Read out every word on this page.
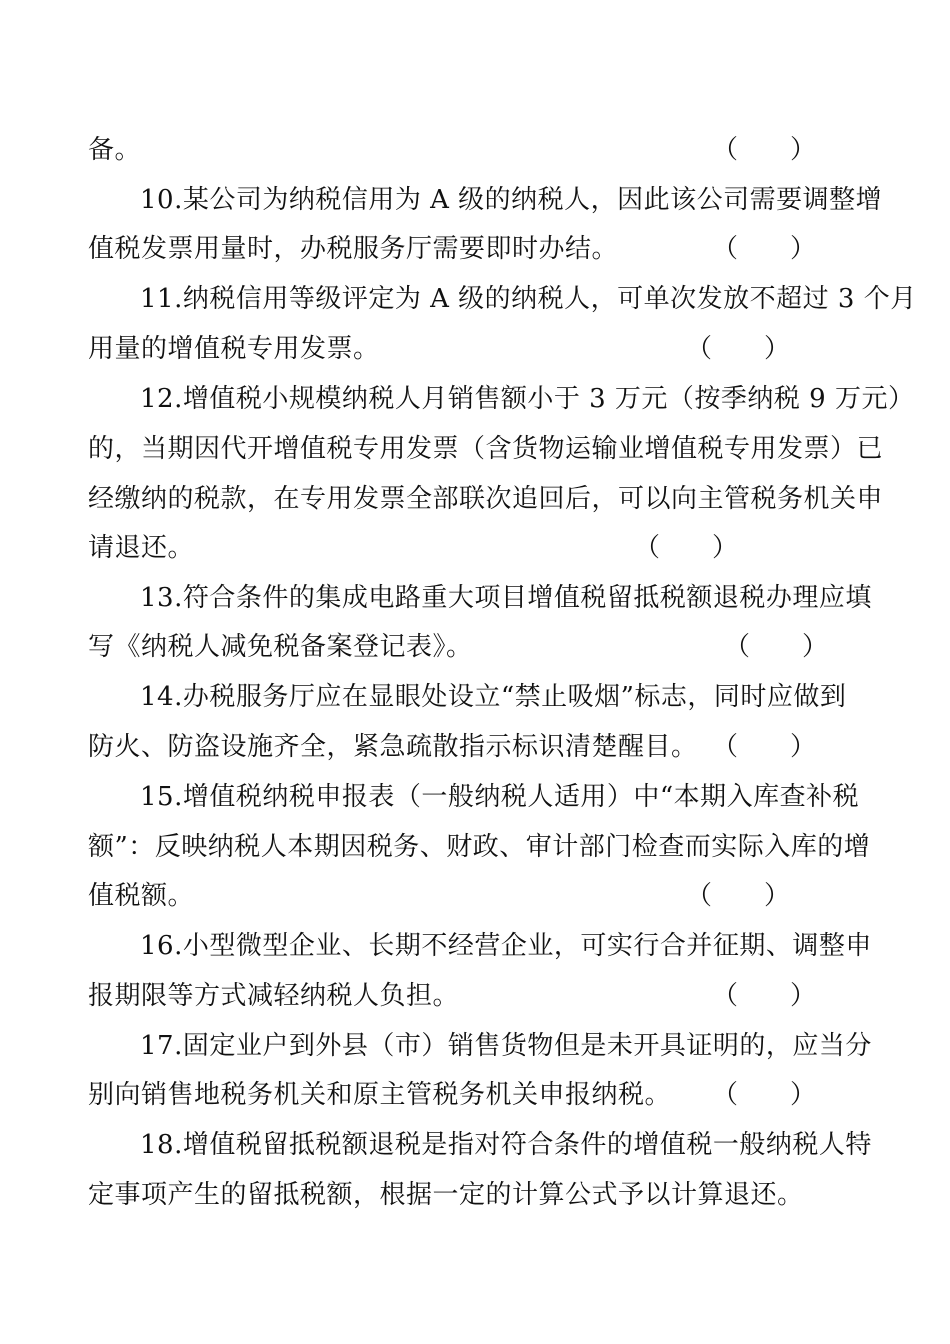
备。	（　　）
10.某公司为纳税信用为 A 级的纳税人，因此该公司需要调整增
值税发票用量时，办税服务厅需要即时办结。	（　　）
11.纳税信用等级评定为 A 级的纳税人，可单次发放不超过 3 个月
用量的增值税专用发票。	（　　）
12.增值税小规模纳税人月销售额小于 3 万元（按季纳税 9 万元）
的，当期因代开增值税专用发票（含货物运输业增值税专用发票）已
经缴纳的税款，在专用发票全部联次追回后，可以向主管税务机关申
请退还。	（　　）
13.符合条件的集成电路重大项目增值税留抵税额退税办理应填
写《纳税人减免税备案登记表》。	（　　）
14.办税服务厅应在显眼处设立“禁止吸烟”标志，同时应做到
防火、防盗设施齐全，紧急疏散指示标识清楚醒目。 （　　）
15.增值税纳税申报表（一般纳税人适用）中“本期入库查补税
额”：反映纳税人本期因税务、财政、审计部门检查而实际入库的增
值税额。	（　　）
16.小型微型企业、长期不经营企业，可实行合并征期、调整申
报期限等方式减轻纳税人负担。	（　　）
17.固定业户到外县（市）销售货物但是未开具证明的，应当分
别向销售地税务机关和原主管税务机关申报纳税。 （　　）
18.增值税留抵税额退税是指对符合条件的增值税一般纳税人特
定事项产生的留抵税额，根据一定的计算公式予以计算退还。
